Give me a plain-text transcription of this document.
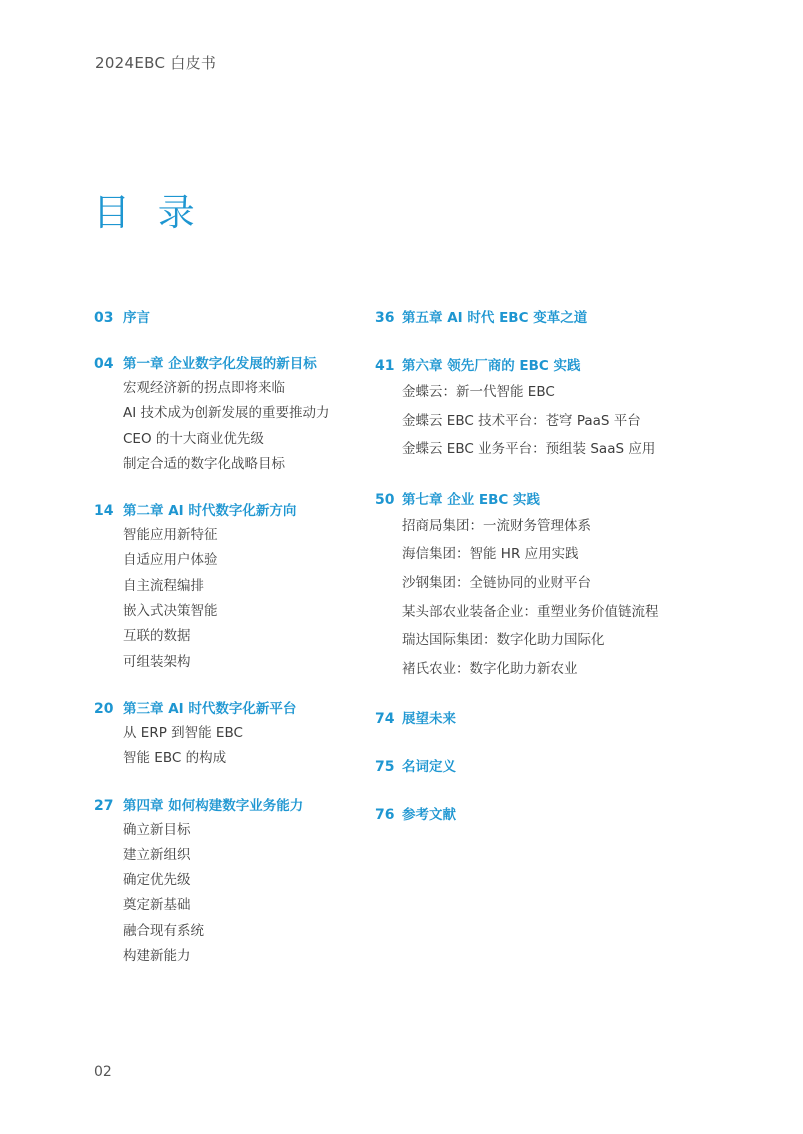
2024EBC 白皮书
目 录
03 序言
04 第一章 企业数字化发展的新目标
宏观经济新的拐点即将来临
AI 技术成为创新发展的重要推动力
CEO 的十大商业优先级
制定合适的数字化战略目标
14 第二章 AI 时代数字化新方向
智能应用新特征
自适应用户体验
自主流程编排
嵌入式决策智能
互联的数据
可组装架构
20 第三章 AI 时代数字化新平台
从 ERP 到智能 EBC
智能 EBC 的构成
27 第四章 如何构建数字业务能力
确立新目标
建立新组织
确定优先级
奠定新基础
融合现有系统
构建新能力
36 第五章 AI 时代 EBC 变革之道
41 第六章 领先厂商的 EBC 实践
金蝶云：新一代智能 EBC
金蝶云 EBC 技术平台：苍穹 PaaS 平台
金蝶云 EBC 业务平台：预组装 SaaS 应用
50 第七章 企业 EBC 实践
招商局集团：一流财务管理体系
海信集团：智能 HR 应用实践
沙钢集团：全链协同的业财平台
某头部农业装备企业：重塑业务价值链流程
瑞达国际集团：数字化助力国际化
褚氏农业：数字化助力新农业
74 展望未来
75 名词定义
76 参考文献
02
